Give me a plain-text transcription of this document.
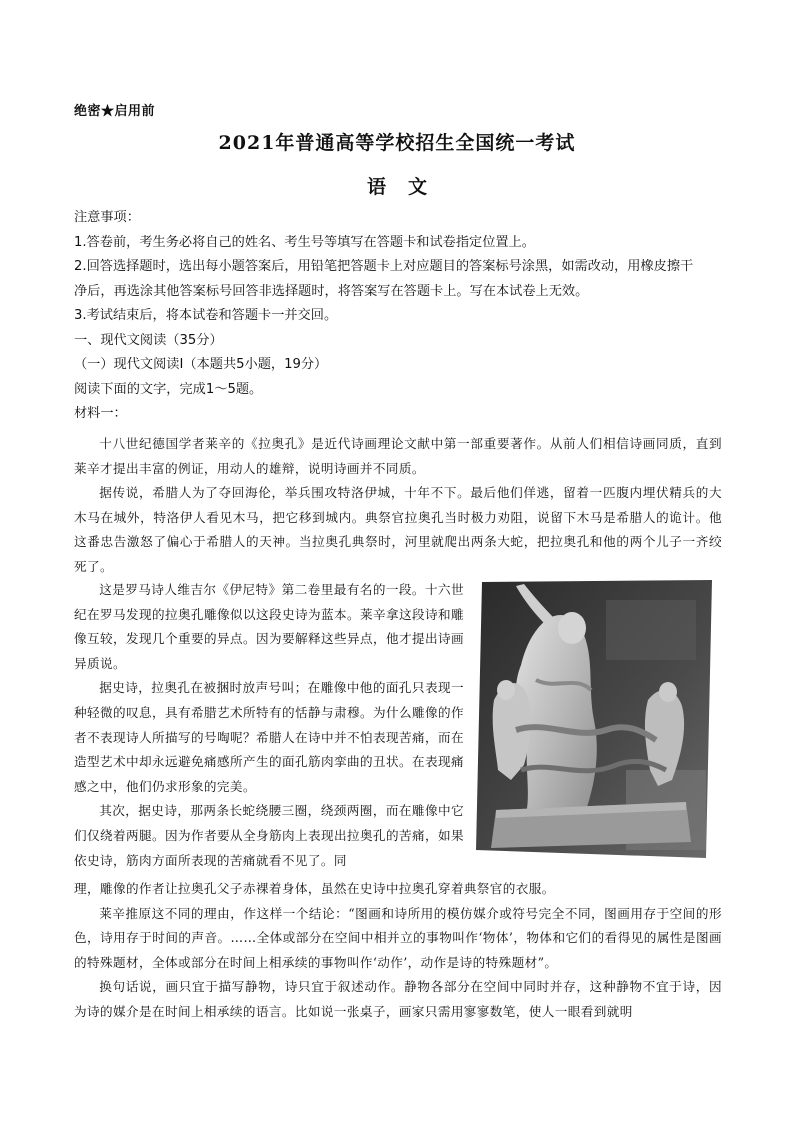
绝密★启用前
2021年普通高等学校招生全国统一考试
语文

注意事项：

1.答卷前，考生务必将自己的姓名、考生号等填写在答题卡和试卷指定位置上。

2.回答选择题时，选出每小题答案后，用铅笔把答题卡上对应题目的答案标号涂黑，如需改动，用橡皮擦干

净后，再选涂其他答案标号回答非选择题时，将答案写在答题卡上。写在本试卷上无效。

3.考试结束后，将本试卷和答题卡一并交回。

一、现代文阅读（35分）

（一）现代文阅读Ⅰ（本题共5小题，19分）

阅读下面的文字，完成1～5题。

材料一：

十八世纪德国学者莱辛的《拉奥孔》是近代诗画理论文献中第一部重要著作。从前人们相信诗画同质，直到莱辛才提出丰富的例证，用动人的雄辩，说明诗画并不同质。

据传说，希腊人为了夺回海伦，举兵围攻特洛伊城，十年不下。最后他们佯逃，留着一匹腹内埋伏精兵的大木马在城外，特洛伊人看见木马，把它移到城内。典祭官拉奥孔当时极力劝阻，说留下木马是希腊人的诡计。他这番忠告激怒了偏心于希腊人的天神。当拉奥孔典祭时，河里就爬出两条大蛇，把拉奥孔和他的两个儿子一齐绞死了。

这是罗马诗人维吉尔《伊尼特》第二卷里最有名的一段。十六世纪在罗马发现的拉奥孔雕像似以这段史诗为蓝本。莱辛拿这段诗和雕像互较，发现几个重要的异点。因为要解释这些异点，他才提出诗画异质说。

据史诗，拉奥孔在被捆时放声号叫；在雕像中他的面孔只表现一种轻微的叹息，具有希腊艺术所特有的恬静与肃穆。为什么雕像的作者不表现诗人所描写的号啕呢？希腊人在诗中并不怕表现苦痛，而在造型艺术中却永远避免痛感所产生的面孔筋肉挛曲的丑状。在表现痛感之中，他们仍求形象的完美。

其次，据史诗，那两条长蛇绕腰三圈，绕颈两圈，而在雕像中它们仅绕着两腿。因为作者要从全身筋肉上表现出拉奥孔的苦痛，如果依史诗，筋肉方面所表现的苦痛就看不见了。同

理，雕像的作者让拉奥孔父子赤裸着身体，虽然在史诗中拉奥孔穿着典祭官的衣服。

莱辛推原这不同的理由，作这样一个结论：“图画和诗所用的模仿媒介或符号完全不同，图画用存于空间的形色，诗用存于时间的声音。……全体或部分在空间中相并立的事物叫作‘物体’，物体和它们的看得见的属性是图画的特殊题材，全体或部分在时间上相承续的事物叫作‘动作’，动作是诗的特殊题材”。

换句话说，画只宜于描写静物，诗只宜于叙述动作。静物各部分在空间中同时并存，这种静物不宜于诗，因为诗的媒介是在时间上相承续的语言。比如说一张桌子，画家只需用寥寥数笔，使人一眼看到就明
